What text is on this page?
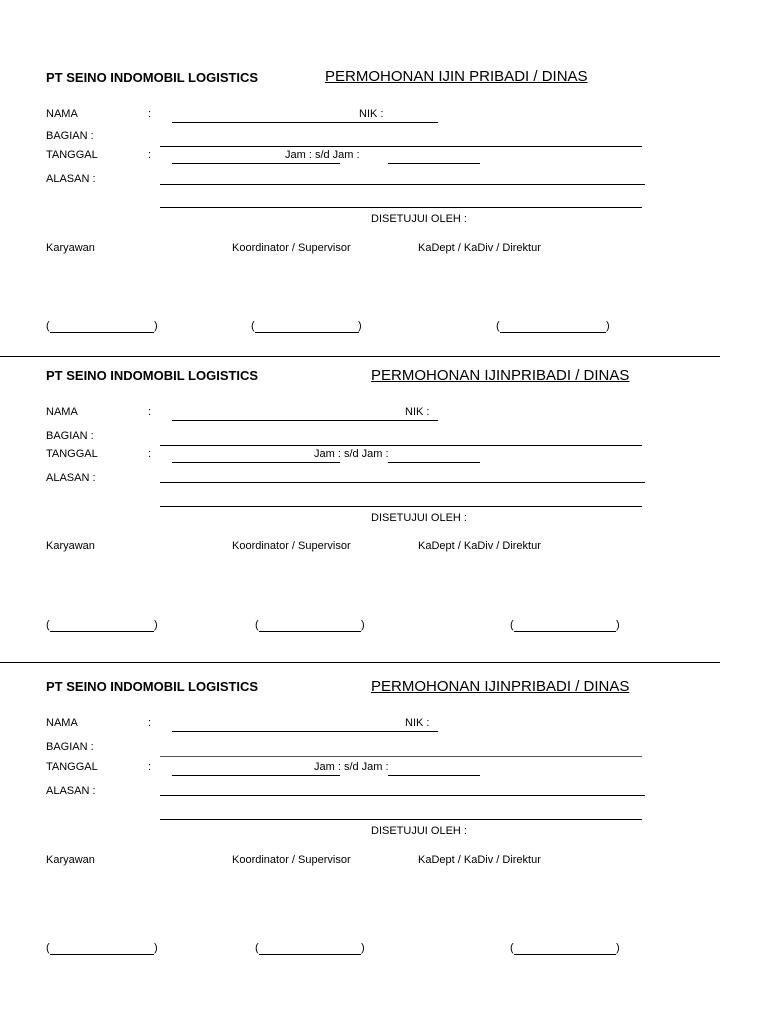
PT SEINO INDOMOBIL LOGISTICS	PERMOHONAN IJIN PRIBADI / DINAS
NAMA	:	NIK :
BAGIAN :
TANGGAL	:	Jam : s/d Jam :
ALASAN :
DISETUJUI OLEH :
Karyawan	Koordinator / Supervisor	KaDept / KaDiv / Direktur
(	)	(	)	(	)
PT SEINO INDOMOBIL LOGISTICS	PERMOHONAN IJINPRIBADI / DINAS
NAMA	:	NIK :
BAGIAN :
TANGGAL	:	Jam : s/d Jam :
ALASAN :
DISETUJUI OLEH :
Karyawan	Koordinator / Supervisor	KaDept / KaDiv / Direktur
(	)	(	)	(	)
PT SEINO INDOMOBIL LOGISTICS	PERMOHONAN IJINPRIBADI / DINAS
NAMA	:	NIK :
BAGIAN :
TANGGAL	:	Jam : s/d Jam :
ALASAN :
DISETUJUI OLEH :
Karyawan	Koordinator / Supervisor	KaDept / KaDiv / Direktur
(	)	(	)	(	)
